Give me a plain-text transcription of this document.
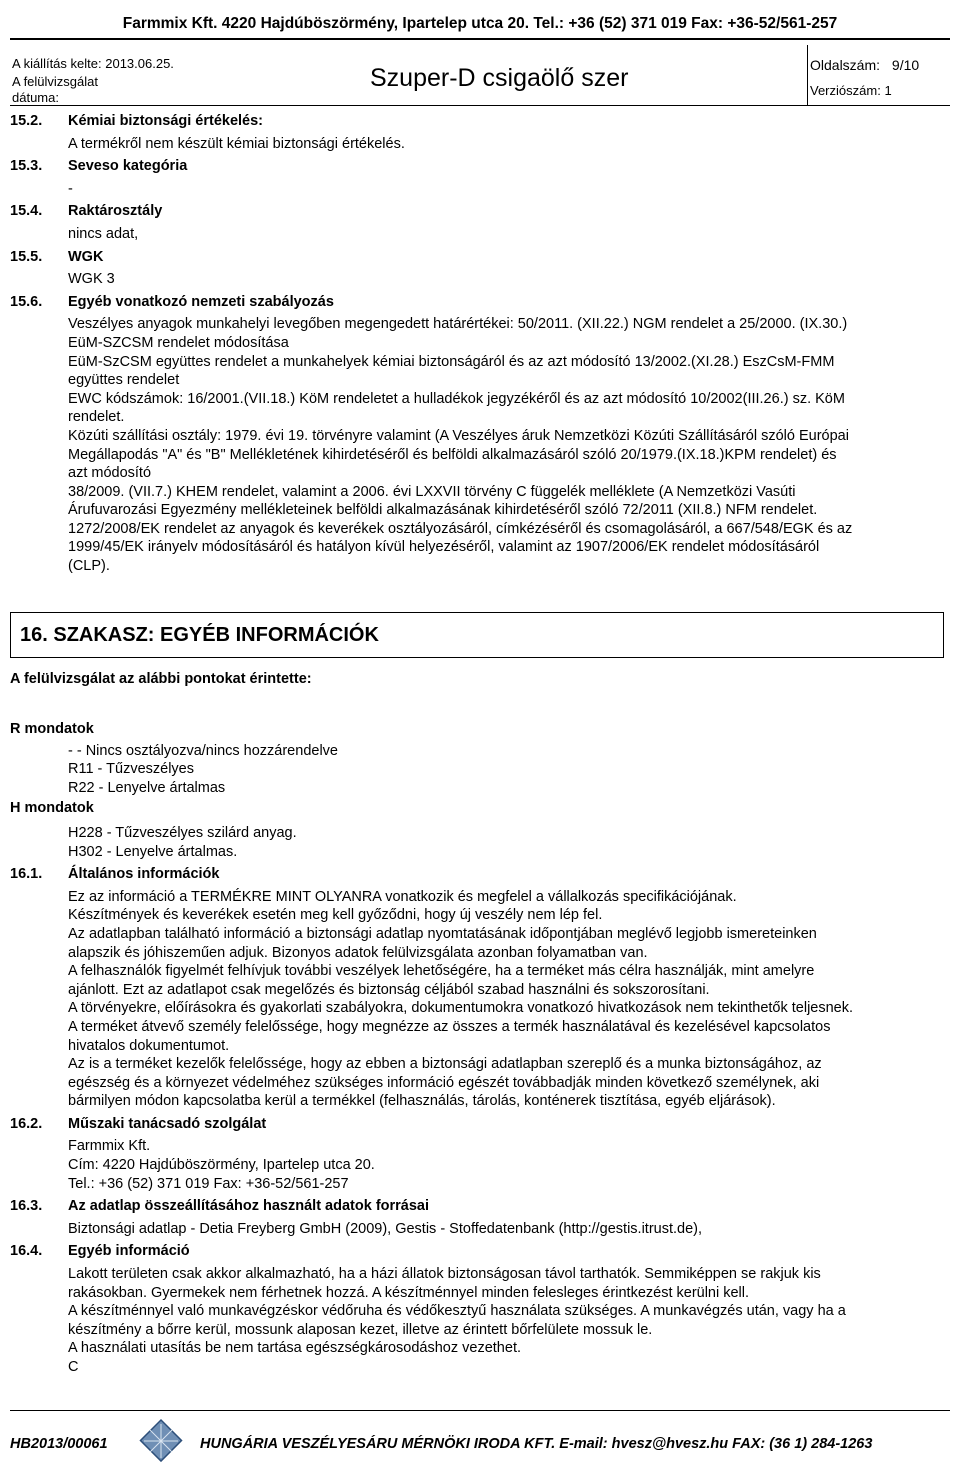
Farmmix Kft. 4220 Hajdúböszörmény, Ipartelep utca 20. Tel.: +36 (52) 371 019 Fax: +36-52/561-257
A kiállítás kelte: 2013.06.25.
A felülvizsgálat
dátuma:
Szuper-D csigaölő szer	Oldalszám: 9/10
Verziószám: 1
15.2.	Kémiai biztonsági értékelés:
A termékről nem készült kémiai biztonsági értékelés.
15.3.	Seveso kategória
-
15.4.	Raktárosztály
nincs adat,
15.5.	WGK
WGK 3
15.6.	Egyéb vonatkozó nemzeti szabályozás
Veszélyes anyagok munkahelyi levegőben megengedett határértékei: 50/2011. (XII.22.) NGM rendelet a 25/2000. (IX.30.)
EüM-SZCSM rendelet módosítása
EüM-SzCSM együttes rendelet a munkahelyek kémiai biztonságáról és az azt módosító 13/2002.(XI.28.) EszCsM-FMM
együttes rendelet
EWC kódszámok: 16/2001.(VII.18.) KöM rendeletet a hulladékok jegyzékéről és az azt módosító 10/2002(III.26.) sz. KöM
rendelet.
Közúti szállítási osztály: 1979. évi 19. törvényre valamint (A Veszélyes áruk Nemzetközi Közúti Szállításáról szóló Európai
Megállapodás "A" és "B" Mellékletének kihirdetéséről és belföldi alkalmazásáról szóló 20/1979.(IX.18.)KPM rendelet) és
azt módosító
38/2009. (VII.7.) KHEM rendelet, valamint a 2006. évi LXXVII törvény C függelék melléklete (A Nemzetközi Vasúti
Árufuvarozási Egyezmény mellékleteinek belföldi alkalmazásának kihirdetéséről szóló 72/2011 (XII.8.) NFM rendelet.
1272/2008/EK rendelet az anyagok és keverékek osztályozásáról, címkézéséről és csomagolásáról, a 667/548/EGK és az
1999/45/EK irányelv módosításáról és hatályon kívül helyezéséről, valamint az 1907/2006/EK rendelet módosításáról
(CLP).
16. SZAKASZ: EGYÉB INFORMÁCIÓK
A felülvizsgálat az alábbi pontokat érintette:
R mondatok
- - Nincs osztályozva/nincs hozzárendelve
R11 - Tűzveszélyes
R22 - Lenyelve ártalmas
H mondatok
H228 - Tűzveszélyes szilárd anyag.
H302 - Lenyelve ártalmas.
16.1.	Általános információk
Ez az információ a TERMÉKRE MINT OLYANRA vonatkozik és megfelel a vállalkozás specifikációjának.
Készítmények és keverékek esetén meg kell győződni, hogy új veszély nem lép fel.
Az adatlapban található információ a biztonsági adatlap nyomtatásának időpontjában meglévő legjobb ismereteinken
alapszik és jóhiszeműen adjuk. Bizonyos adatok felülvizsgálata azonban folyamatban van.
A felhasználók figyelmét felhívjuk további veszélyek lehetőségére, ha a terméket más célra használják, mint amelyre
ajánlott. Ezt az adatlapot csak megelőzés és biztonság céljából szabad használni és sokszorosítani.
A törvényekre, előírásokra és gyakorlati szabályokra, dokumentumokra vonatkozó hivatkozások nem tekinthetők teljesnek.
A terméket átvevő személy felelőssége, hogy megnézze az összes a termék használatával és kezelésével kapcsolatos
hivatalos dokumentumot.
Az is a terméket kezelők felelőssége, hogy az ebben a biztonsági adatlapban szereplő és a munka biztonságához, az
egészség és a környezet védelméhez szükséges információ egészét továbbadják minden következő személynek, aki
bármilyen módon kapcsolatba kerül a termékkel (felhasználás, tárolás, konténerek tisztítása, egyéb eljárások).
16.2.	Műszaki tanácsadó szolgálat
Farmmix Kft.
Cím: 4220 Hajdúböszörmény, Ipartelep utca 20.
Tel.: +36 (52) 371 019 Fax: +36-52/561-257
16.3.	Az adatlap összeállításához használt adatok forrásai
Biztonsági adatlap - Detia Freyberg GmbH (2009), Gestis - Stoffedatenbank (http://gestis.itrust.de),
16.4.	Egyéb információ
Lakott területen csak akkor alkalmazható, ha a házi állatok biztonságosan távol tarthatók. Semmiképpen se rakjuk kis
rakásokban. Gyermekek nem férhetnek hozzá. A készítménnyel minden felesleges érintkezést kerülni kell.
A készítménnyel való munkavégzéskor védőruha és védőkesztyű használata szükséges. A munkavégzés után, vagy ha a
készítmény a bőrre kerül, mossunk alaposan kezet, illetve az érintett bőrfelülete mossuk le.
A használati utasítás be nem tartása egészségkárosodáshoz vezethet.
C
HB2013/00061	HUNGÁRIA VESZÉLYESÁRU MÉRNÖKI IRODA KFT. E-mail: hvesz@hvesz.hu FAX: (36 1) 284-1263
